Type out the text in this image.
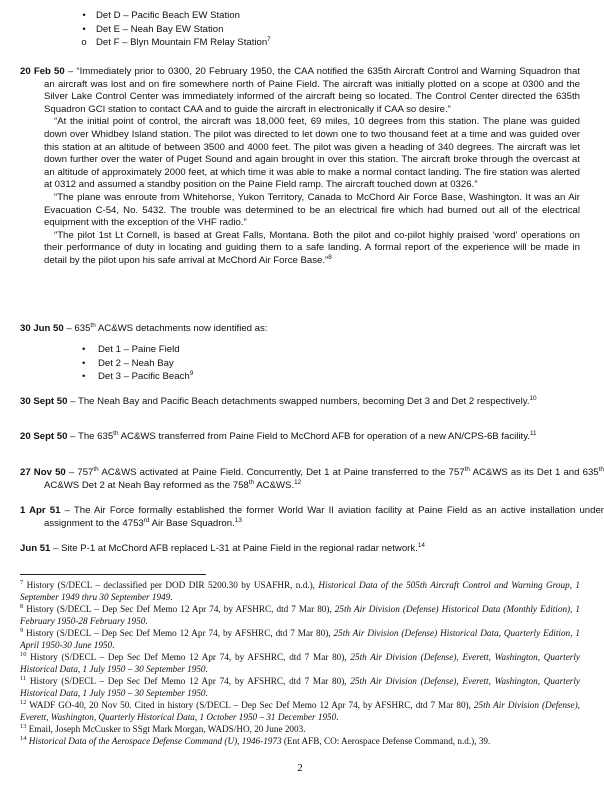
•	Det D – Pacific Beach EW Station
•	Det E – Neah Bay EW Station
o Det F – Blyn Mountain FM Relay Station$^7$

20 Feb 50 – “Immediately prior to 0300, 20 February 1950, the CAA notified the 635th Aircraft Control and Warning Squadron that an aircraft was lost and on fire somewhere north of Paine Field. The aircraft was initially plotted on a scope at 0300 and the Silver Lake Control Center was immediately informed of the aircraft being so located. The Control Center directed the 635th Squadron GCI station to contact CAA and to guide the aircraft in electronically if CAA so desire.”

“At the initial point of control, the aircraft was 18,000 feet, 69 miles, 10 degrees from this station. The plane was guided down over Whidbey Island station. The pilot was directed to let down one to two thousand feet at a time and was guided over this station at an altitude of between 3500 and 4000 feet. The pilot was given a heading of 340 degrees. The aircraft was let down further over the water of Puget Sound and again brought in over this station. The aircraft broke through the overcast at an altitude of approximately 2000 feet, at which time it was able to make a normal contact landing. The fire station was alerted at 0312 and assumed a standby position on the Paine Field ramp. The aircraft touched down at 0326.”

“The plane was enroute from Whitehorse, Yukon Territory, Canada to McChord Air Force Base, Washington. It was an Air Evacuation C-54, No. 5432. The trouble was determined to be an electrical fire which had burned out all of the electrical equipment with the exception of the VHF radio.”

“The pilot 1st Lt Cornell, is based at Great Falls, Montana. Both the pilot and co-pilot highly praised ‘word’ operations on their performance of duty in locating and guiding them to a safe landing. A formal report of the experience will be made in detail by the pilot upon his safe arrival at McChord Air Force Base.”$^8$

30 Jun 50 – 635th AC&WS detachments now identified as:

• Det 1 – Paine Field
• Det 2 – Neah Bay
• Det 3 – Pacific Beach$^9$

30 Sept 50 – The Neah Bay and Pacific Beach detachments swapped numbers, becoming Det 3 and Det 2 respectively.$^{10}$

20 Sept 50 – The 635th AC&WS transferred from Paine Field to McChord AFB for operation of a new AN/CPS-6B facility.$^{11}$

27 Nov 50 – 757th AC&WS activated at Paine Field. Concurrently, Det 1 at Paine transferred to the 757th AC&WS as its Det 1 and 635th AC&WS Det 2 at Neah Bay reformed as the 758th AC&WS.$^{12}$

1 Apr 51 – The Air Force formally established the former World War II aviation facility at Paine Field as an active installation under assignment to the 4753rd Air Base Squadron.$^{13}$

Jun 51 – Site P-1 at McChord AFB replaced L-31 at Paine Field in the regional radar network.$^{14}$

$^7$ History (S/DECL – declassified per DOD DIR 5200.30 by USAFHR, n.d.), Historical Data of the 505th Aircraft Control and Warning Group, 1 September 1949 thru 30 September 1949.

$^8$ History (S/DECL – Dep Sec Def Memo 12 Apr 74, by AFSHRC, dtd 7 Mar 80), 25th Air Division (Defense) Historical Data (Monthly Edition), 1 February 1950-28 February 1950.

$^9$ History (S/DECL – Dep Sec Def Memo 12 Apr 74, by AFSHRC, dtd 7 Mar 80), 25th Air Division (Defense) Historical Data, Quarterly Edition, 1 April 1950-30 June 1950.

$^{10}$ History (S/DECL – Dep Sec Def Memo 12 Apr 74, by AFSHRC, dtd 7 Mar 80), 25th Air Division (Defense), Everett, Washington, Quarterly Historical Data, 1 July 1950 – 30 September 1950.

$^{11}$ History (S/DECL – Dep Sec Def Memo 12 Apr 74, by AFSHRC, dtd 7 Mar 80), 25th Air Division (Defense), Everett, Washington, Quarterly Historical Data, 1 July 1950 – 30 September 1950.

$^{12}$ WADF GO-40, 20 Nov 50. Cited in history (S/DECL – Dep Sec Def Memo 12 Apr 74, by AFSHRC, dtd 7 Mar 80), 25th Air Division (Defense), Everett, Washington, Quarterly Historical Data, 1 October 1950 – 31 December 1950.

$^{13}$ Email, Joseph McCusker to SSgt Mark Morgan, WADS/HO, 20 June 2003.

$^{14}$ Historical Data of the Aerospace Defense Command (U), 1946-1973 (Ent AFB, CO: Aerospace Defense Command, n.d.), 39.

2
